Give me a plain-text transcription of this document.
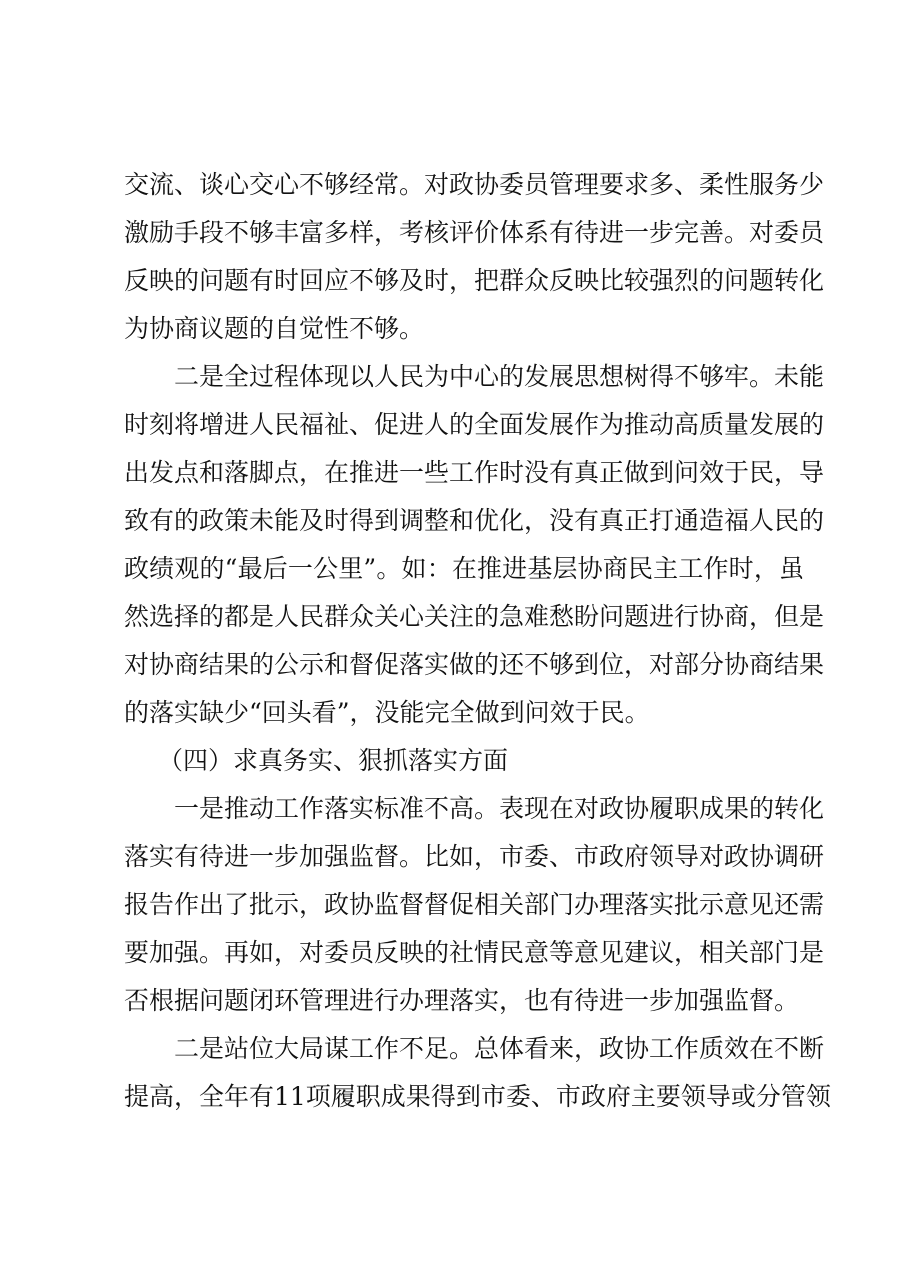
交流、谈心交心不够经常。对政协委员管理要求多、柔性服务少
激励手段不够丰富多样，考核评价体系有待进一步完善。对委员
反映的问题有时回应不够及时，把群众反映比较强烈的问题转化
为协商议题的自觉性不够。
二是全过程体现以人民为中心的发展思想树得不够牢。未能
时刻将增进人民福祉、促进人的全面发展作为推动高质量发展的
出发点和落脚点，在推进一些工作时没有真正做到问效于民，导
致有的政策未能及时得到调整和优化，没有真正打通造福人民的
政绩观的“最后一公里”。如：在推进基层协商民主工作时，虽
然选择的都是人民群众关心关注的急难愁盼问题进行协商，但是
对协商结果的公示和督促落实做的还不够到位，对部分协商结果
的落实缺少“回头看”，没能完全做到问效于民。
（四）求真务实、狠抓落实方面
一是推动工作落实标准不高。表现在对政协履职成果的转化
落实有待进一步加强监督。比如，市委、市政府领导对政协调研
报告作出了批示，政协监督督促相关部门办理落实批示意见还需
要加强。再如，对委员反映的社情民意等意见建议，相关部门是
否根据问题闭环管理进行办理落实，也有待进一步加强监督。
二是站位大局谋工作不足。总体看来，政协工作质效在不断
提高，全年有11项履职成果得到市委、市政府主要领导或分管领
